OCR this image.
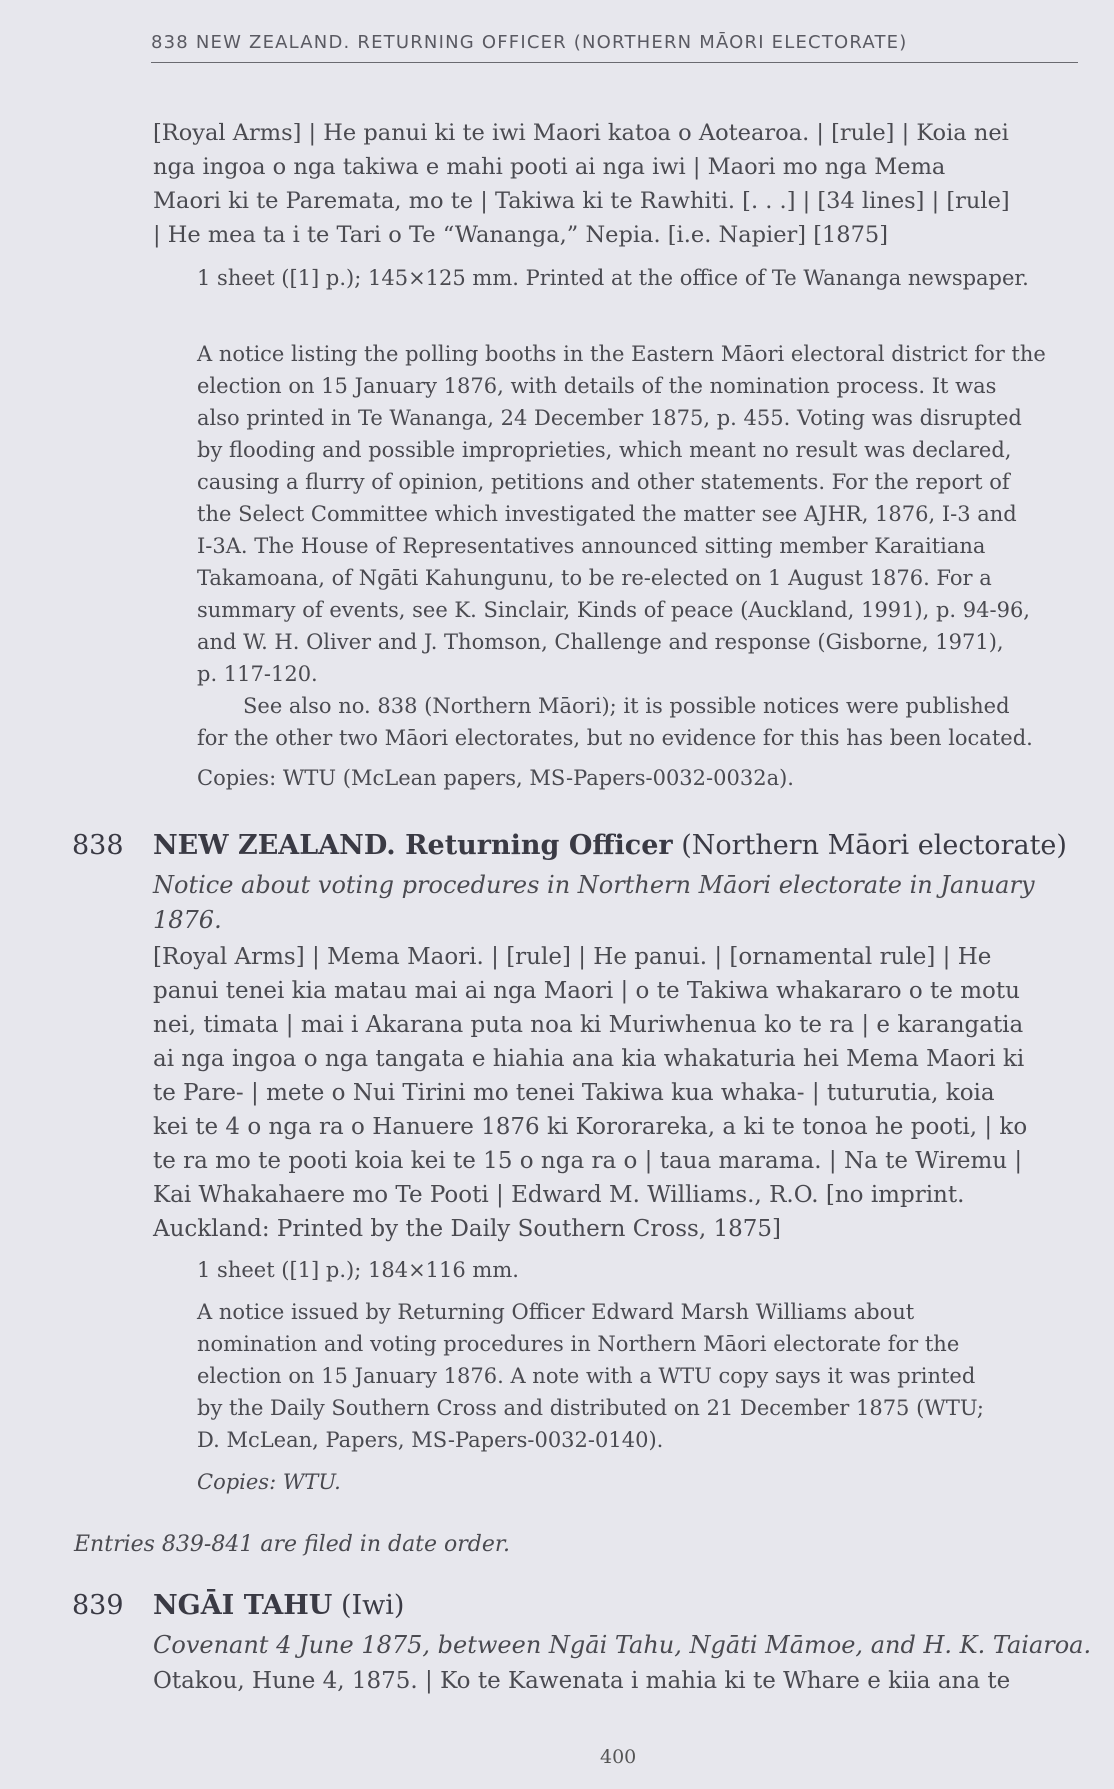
838 NEW ZEALAND. RETURNING OFFICER (NORTHERN MĀORI ELECTORATE)
[Royal Arms] | He panui ki te iwi Maori katoa o Aotearoa. | [rule] | Koia nei
nga ingoa o nga takiwa e mahi pooti ai nga iwi | Maori mo nga Mema
Maori ki te Paremata, mo te | Takiwa ki te Rawhiti. [. . .] | [34 lines] | [rule]
| He mea ta i te Tari o Te “Wananga,” Nepia. [i.e. Napier] [1875]

1 sheet ([1] p.); 145×125 mm. Printed at the office of Te Wananga newspaper.

A notice listing the polling booths in the Eastern Māori electoral district for the
election on 15 January 1876, with details of the nomination process. It was
also printed in Te Wananga, 24 December 1875, p. 455. Voting was disrupted
by flooding and possible improprieties, which meant no result was declared,
causing a flurry of opinion, petitions and other statements. For the report of
the Select Committee which investigated the matter see AJHR, 1876, I-3 and
I-3A. The House of Representatives announced sitting member Karaitiana
Takamoana, of Ngāti Kahungunu, to be re-elected on 1 August 1876. For a
summary of events, see K. Sinclair, Kinds of peace (Auckland, 1991), p. 94-96,
and W. H. Oliver and J. Thomson, Challenge and response (Gisborne, 1971),
p. 117-120.
See also no. 838 (Northern Māori); it is possible notices were published
for the other two Māori electorates, but no evidence for this has been located.

Copies: WTU (McLean papers, MS-Papers-0032-0032a).

838 NEW ZEALAND. Returning Officer (Northern Māori electorate)
Notice about voting procedures in Northern Māori electorate in January
1876.
[Royal Arms] | Mema Maori. | [rule] | He panui. | [ornamental rule] | He
panui tenei kia matau mai ai nga Maori | o te Takiwa whakararo o te motu
nei, timata | mai i Akarana puta noa ki Muriwhenua ko te ra | e karangatia
ai nga ingoa o nga tangata e hiahia ana kia whakaturia hei Mema Maori ki
te Pare- | mete o Nui Tirini mo tenei Takiwa kua whaka- | tuturutia, koia
kei te 4 o nga ra o Hanuere 1876 ki Kororareka, a ki te tonoa he pooti, | ko
te ra mo te pooti koia kei te 15 o nga ra o | taua marama. | Na te Wiremu |
Kai Whakahaere mo Te Pooti | Edward M. Williams., R.O. [no imprint.
Auckland: Printed by the Daily Southern Cross, 1875]

1 sheet ([1] p.); 184×116 mm.

A notice issued by Returning Officer Edward Marsh Williams about
nomination and voting procedures in Northern Māori electorate for the
election on 15 January 1876. A note with a WTU copy says it was printed
by the Daily Southern Cross and distributed on 21 December 1875 (WTU;
D. McLean, Papers, MS-Papers-0032-0140).

Copies: WTU.

Entries 839-841 are filed in date order.
839 NGĀI TAHU (Iwi)
Covenant 4 June 1875, between Ngāi Tahu, Ngāti Māmoe, and H. K. Taiaroa.
Otakou, Hune 4, 1875. | Ko te Kawenata i mahia ki te Whare e kiia ana te
400
